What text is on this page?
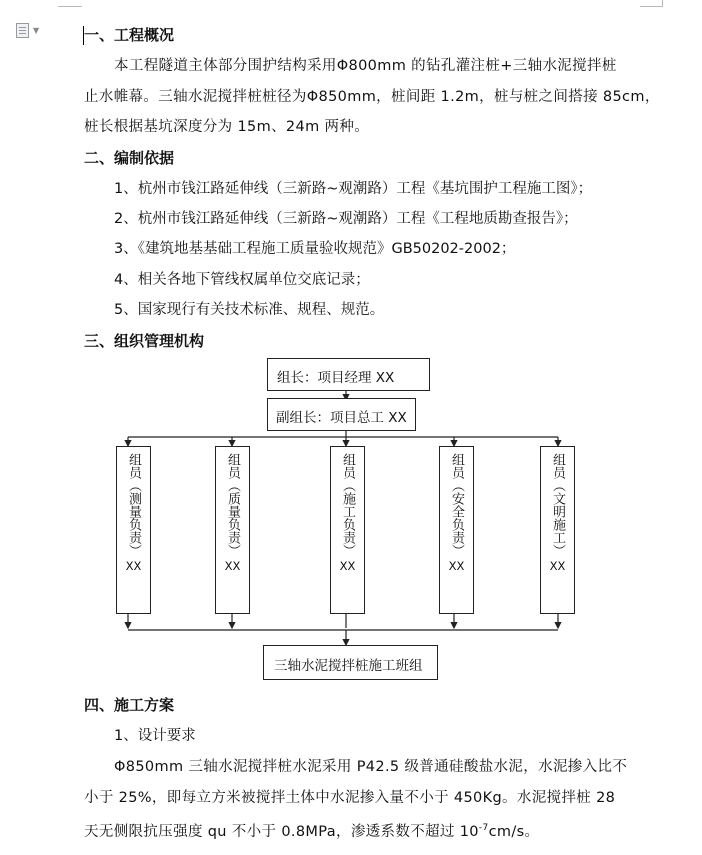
▼	一、工程概况
本工程隧道主体部分围护结构采用Φ800mm 的钻孔灌注桩+三轴水泥搅拌桩
止水帷幕。三轴水泥搅拌桩桩径为Φ850mm，桩间距 1.2m，桩与桩之间搭接 85cm，
桩长根据基坑深度分为 15m、24m 两种。
二、编制依据
1、杭州市钱江路延伸线（三新路~观潮路）工程《基坑围护工程施工图》；
2、杭州市钱江路延伸线（三新路~观潮路）工程《工程地质勘查报告》；
3、《建筑地基基础工程施工质量验收规范》GB50202-2002；
4、相关各地下管线权属单位交底记录；
5、国家现行有关技术标准、规程、规范。
三、组织管理机构
组长：项目经理 XX
副组长：项目总工 XX
组员（测量负责）
XX
组员（质量负责）
XX
组员（施工负责）
XX
组员（安全负责）
XX
组员（文明施工）
XX
三轴水泥搅拌桩施工班组
四、施工方案
1、设计要求
Φ850mm 三轴水泥搅拌桩水泥采用 P42.5 级普通硅酸盐水泥，水泥掺入比不
小于 25%，即每立方米被搅拌土体中水泥掺入量不小于 450Kg。水泥搅拌桩 28
天无侧限抗压强度 qu 不小于 0.8MPa，渗透系数不超过 $10^{-7}cm/s$。
